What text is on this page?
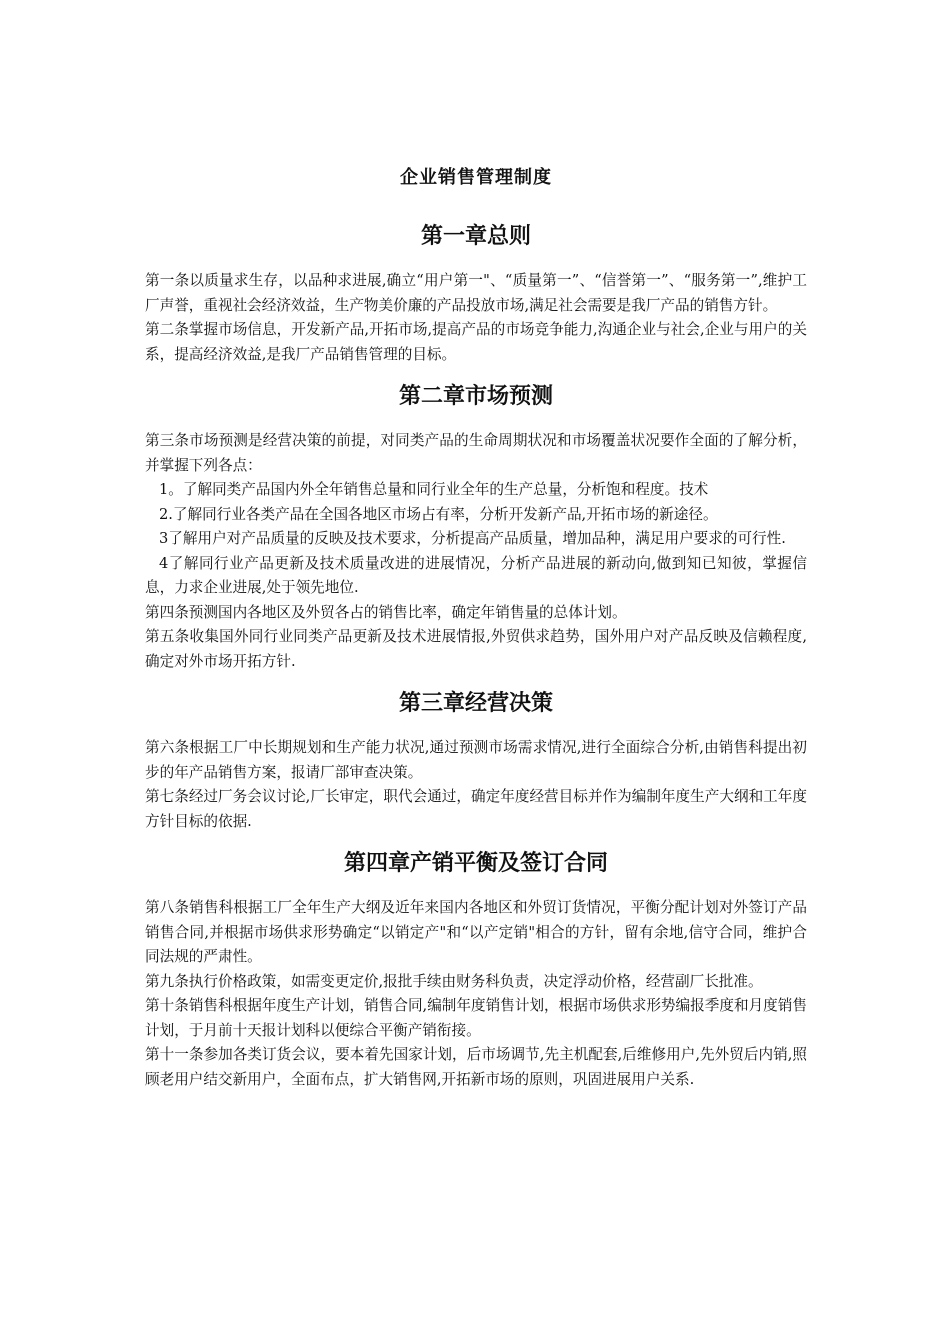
企业销售管理制度
第一章总则

第一条以质量求生存，以品种求进展,确立“用户第一"、“质量第一”、“信誉第一”、“服务第一”,维护工厂声誉，重视社会经济效益，生产物美价廉的产品投放市场,满足社会需要是我厂产品的销售方针。

第二条掌握市场信息，开发新产品,开拓市场,提高产品的市场竞争能力,沟通企业与社会,企业与用户的关系，提高经济效益,是我厂产品销售管理的目标。

第二章市场预测

第三条市场预测是经营决策的前提，对同类产品的生命周期状况和市场覆盖状况要作全面的了解分析，并掌握下列各点：

1。了解同类产品国内外全年销售总量和同行业全年的生产总量，分析饱和程度。技术

2.了解同行业各类产品在全国各地区市场占有率，分析开发新产品,开拓市场的新途径。

3了解用户对产品质量的反映及技术要求，分析提高产品质量，增加品种，满足用户要求的可行性.

4了解同行业产品更新及技术质量改进的进展情况，分析产品进展的新动向,做到知已知彼，掌握信息，力求企业进展,处于领先地位.

第四条预测国内各地区及外贸各占的销售比率，确定年销售量的总体计划。

第五条收集国外同行业同类产品更新及技术进展情报,外贸供求趋势，国外用户对产品反映及信赖程度,确定对外市场开拓方针.

第三章经营决策

第六条根据工厂中长期规划和生产能力状况,通过预测市场需求情况,进行全面综合分析,由销售科提出初步的年产品销售方案，报请厂部审查决策。

第七条经过厂务会议讨论,厂长审定，职代会通过，确定年度经营目标并作为编制年度生产大纲和工年度方针目标的依据.

第四章产销平衡及签订合同

第八条销售科根据工厂全年生产大纲及近年来国内各地区和外贸订货情况，平衡分配计划对外签订产品销售合同,并根据市场供求形势确定“以销定产"和“以产定销"相合的方针，留有余地,信守合同，维护合同法规的严肃性。

第九条执行价格政策，如需变更定价,报批手续由财务科负责，决定浮动价格，经营副厂长批准。

第十条销售科根据年度生产计划，销售合同,编制年度销售计划，根据市场供求形势编报季度和月度销售计划，于月前十天报计划科以便综合平衡产销衔接。

第十一条参加各类订货会议，要本着先国家计划，后市场调节,先主机配套,后维修用户,先外贸后内销,照顾老用户结交新用户，全面布点，扩大销售网,开拓新市场的原则，巩固进展用户关系.
